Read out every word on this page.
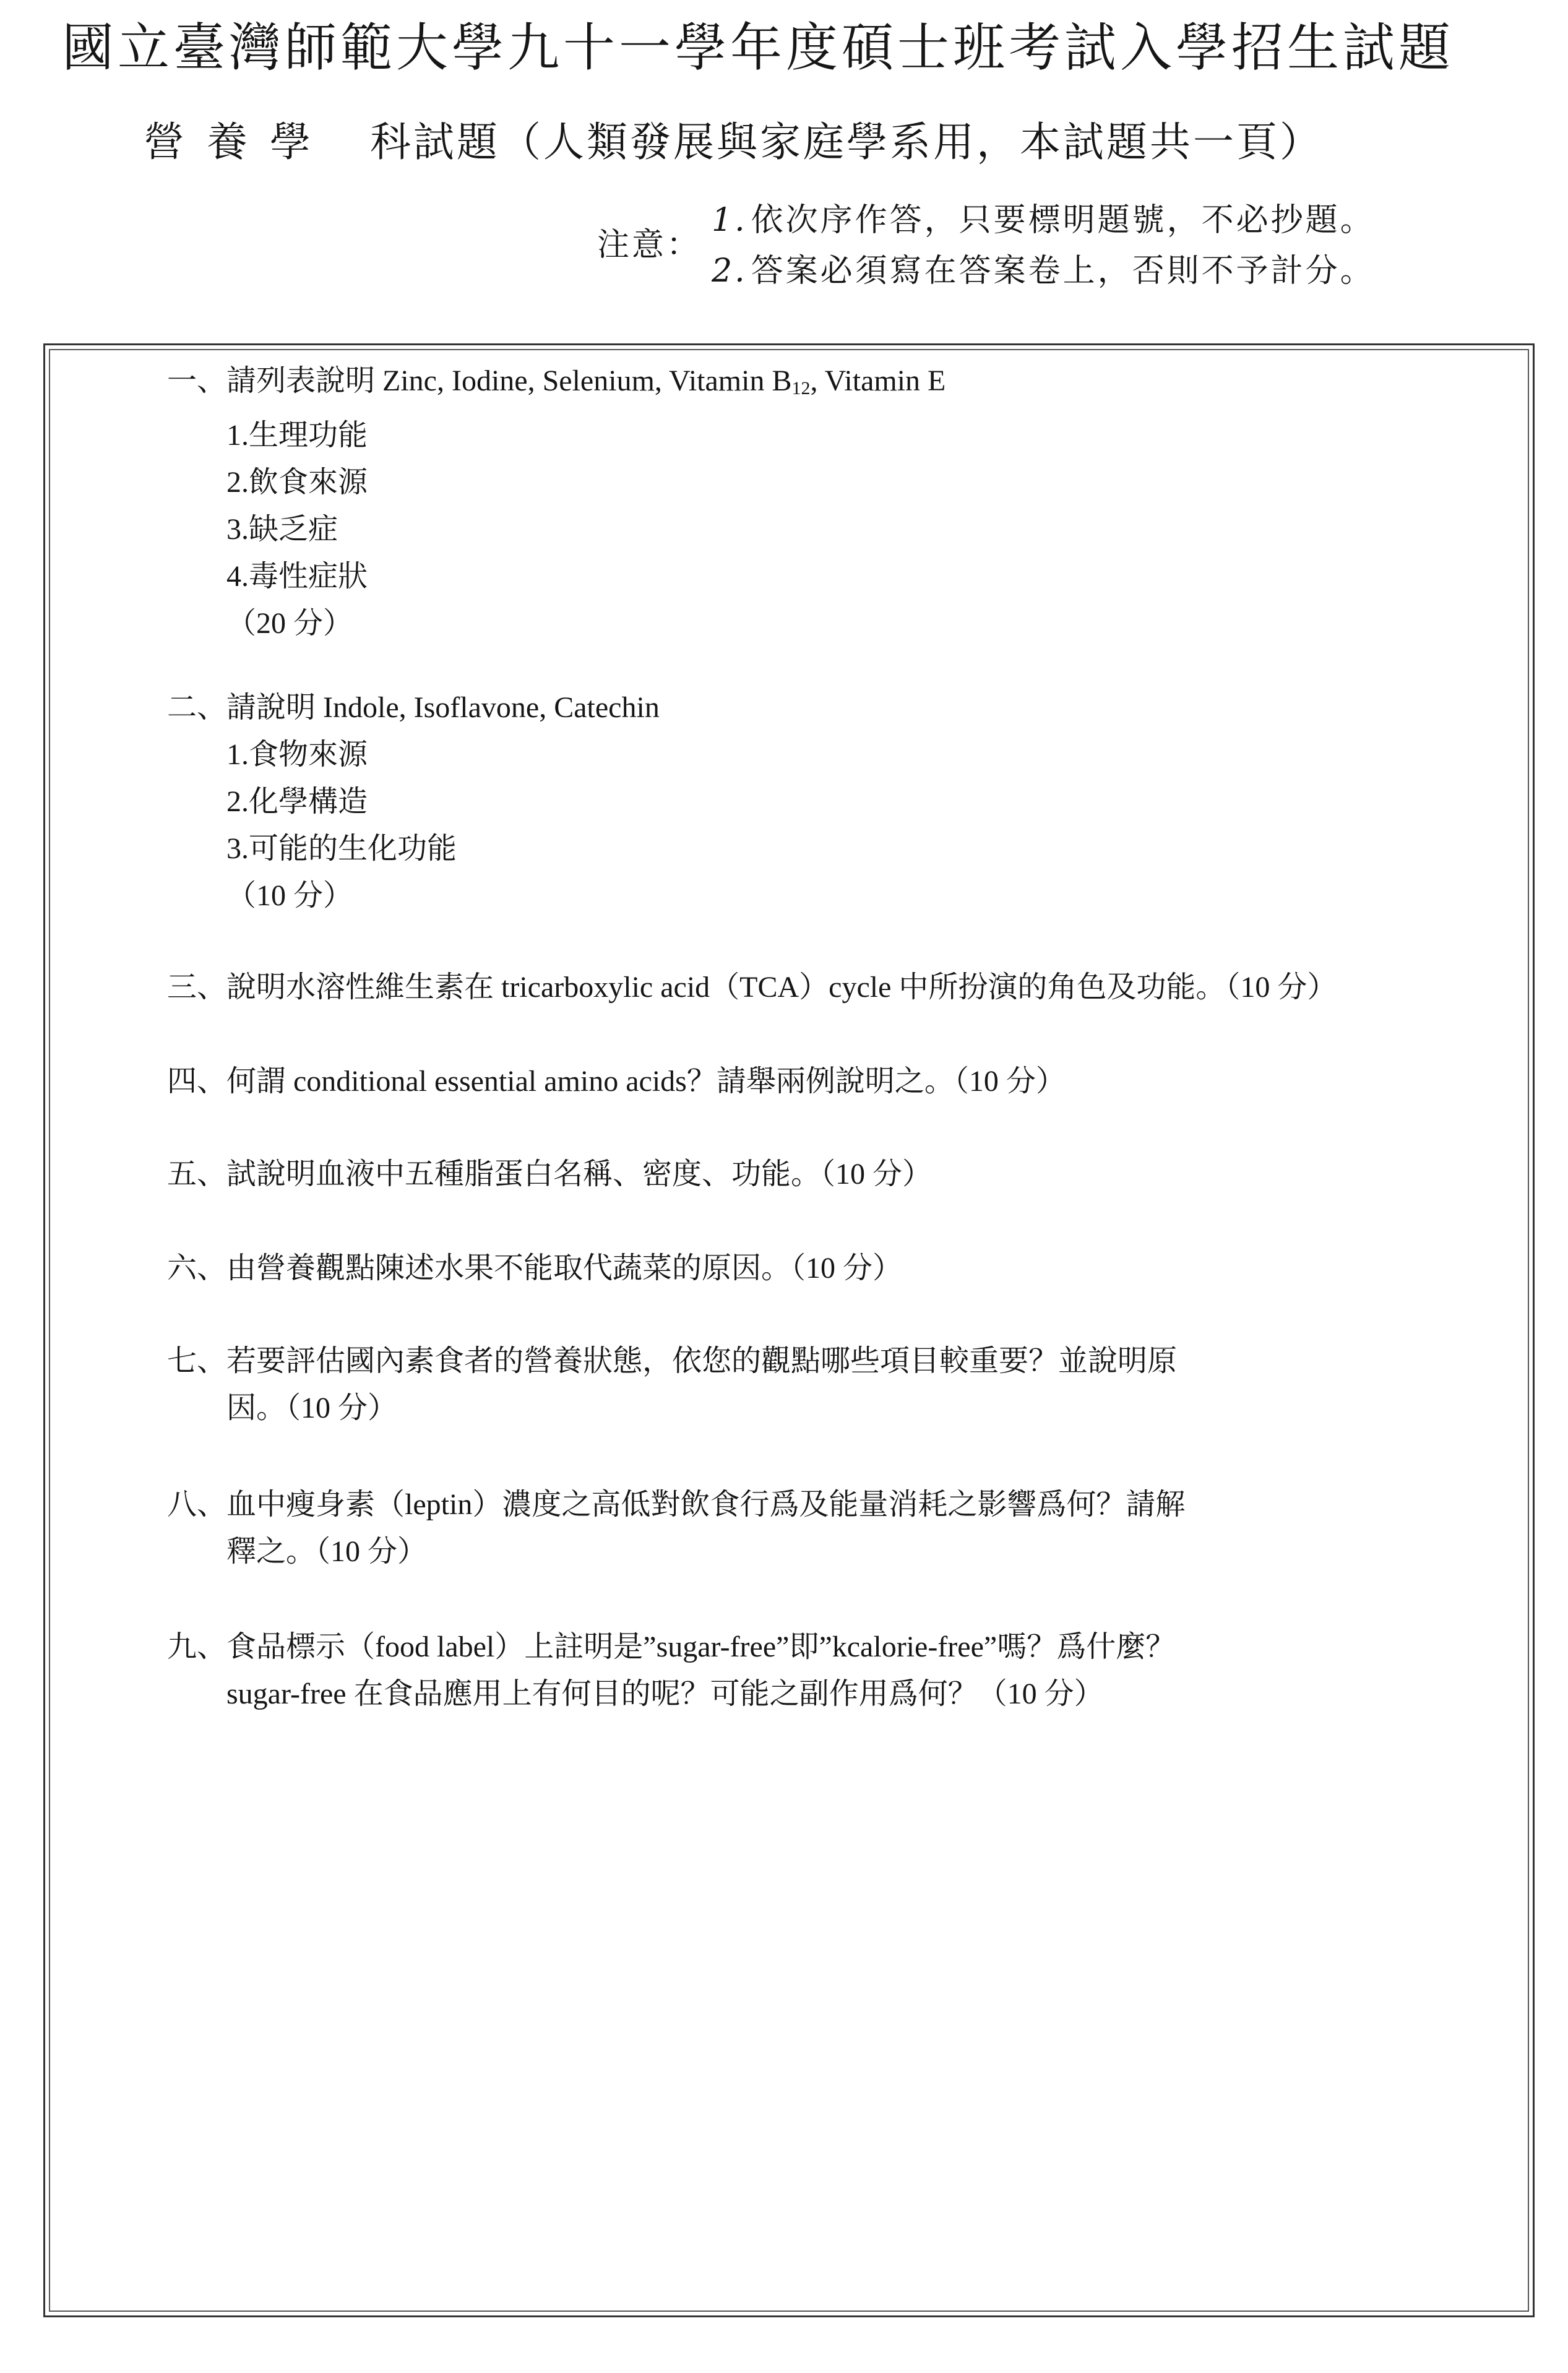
國立臺灣師範大學九十一學年度碩士班考試入學招生試題
營養學 科試題（人類發展與家庭學系用，本試題共一頁）
注意：
1. 依次序作答，只要標明題號，不必抄題。
2. 答案必須寫在答案卷上，否則不予計分。
一、請列表說明 Zinc, Iodine, Selenium, Vitamin $B_{12}$, Vitamin E
1.生理功能
2.飲食來源
3.缺乏症
4.毒性症狀
（20 分）
二、請說明 Indole, Isoflavone, Catechin
1.食物來源
2.化學構造
3.可能的生化功能
（10 分）
三、說明水溶性維生素在 tricarboxylic acid（TCA）cycle 中所扮演的角色及功能。（10 分）
四、何謂 conditional essential amino acids？請舉兩例說明之。（10 分）
五、試說明血液中五種脂蛋白名稱、密度、功能。（10 分）
六、由營養觀點陳述水果不能取代蔬菜的原因。（10 分）
七、若要評估國內素食者的營養狀態，依您的觀點哪些項目較重要？並說明原
因。（10 分）
八、血中瘦身素（leptin）濃度之高低對飲食行爲及能量消耗之影響爲何？請解
釋之。（10 分）
九、食品標示（food label）上註明是”sugar-free”即”kcalorie-free”嗎？爲什麼？
sugar-free 在食品應用上有何目的呢？可能之副作用爲何？（10 分）
